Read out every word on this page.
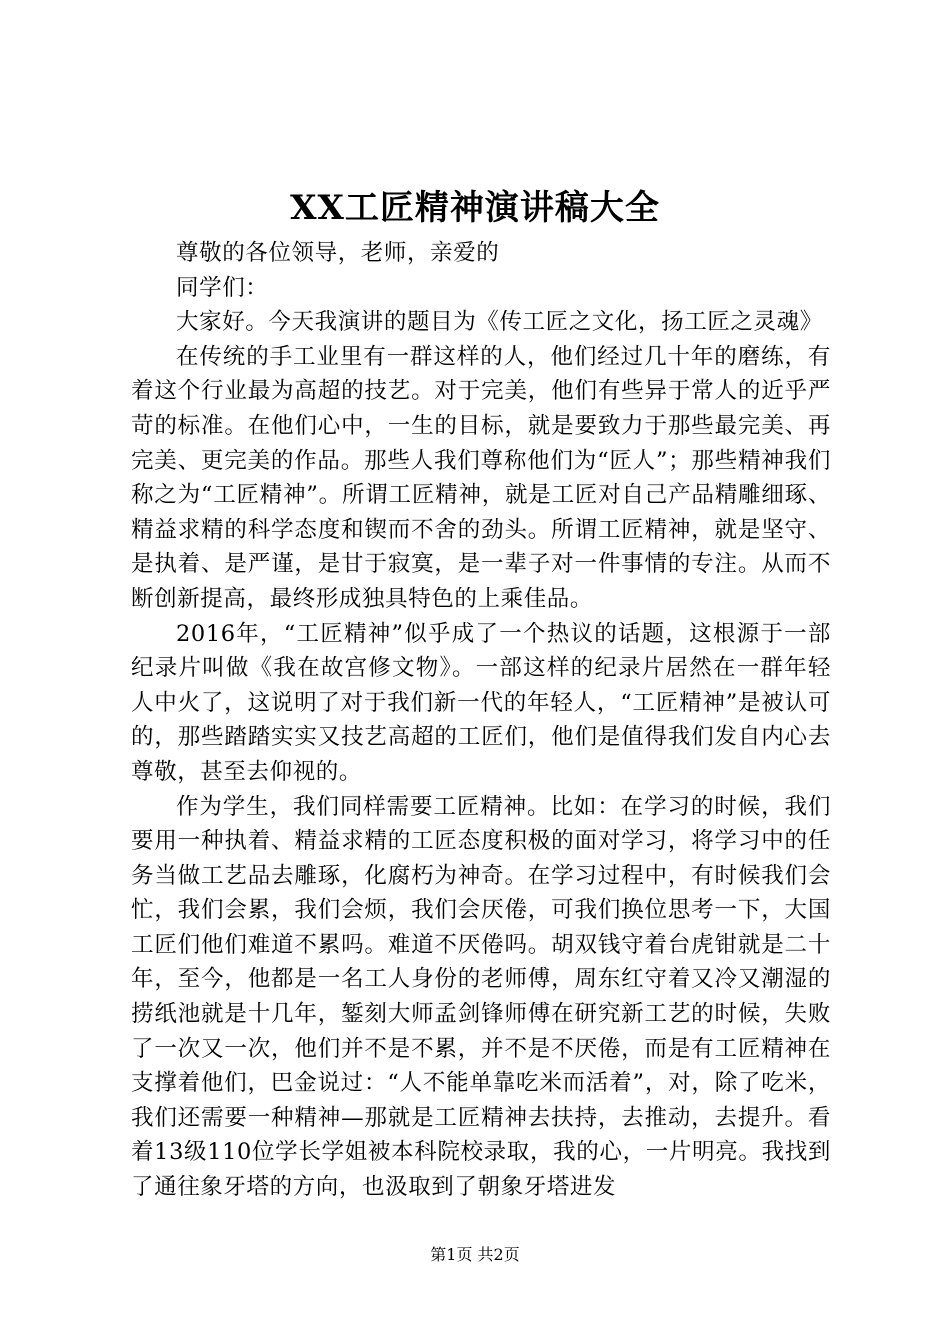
XX工匠精神演讲稿大全

尊敬的各位领导，老师，亲爱的

同学们：

大家好。今天我演讲的题目为《传工匠之文化，扬工匠之灵魂》

在传统的手工业里有一群这样的人，他们经过几十年的磨练，有着这个行业最为高超的技艺。对于完美，他们有些异于常人的近乎严苛的标准。在他们心中，一生的目标，就是要致力于那些最完美、再完美、更完美的作品。那些人我们尊称他们为“匠人”；那些精神我们称之为“工匠精神”。所谓工匠精神，就是工匠对自己产品精雕细琢、精益求精的科学态度和锲而不舍的劲头。所谓工匠精神，就是坚守、是执着、是严谨，是甘于寂寞，是一辈子对一件事情的专注。从而不断创新提高，最终形成独具特色的上乘佳品。

2016年，“工匠精神”似乎成了一个热议的话题，这根源于一部纪录片叫做《我在故宫修文物》。一部这样的纪录片居然在一群年轻人中火了，这说明了对于我们新一代的年轻人，“工匠精神”是被认可的，那些踏踏实实又技艺高超的工匠们，他们是值得我们发自内心去尊敬，甚至去仰视的。

作为学生，我们同样需要工匠精神。比如：在学习的时候，我们要用一种执着、精益求精的工匠态度积极的面对学习，将学习中的任务当做工艺品去雕琢，化腐朽为神奇。在学习过程中，有时候我们会忙，我们会累，我们会烦，我们会厌倦，可我们换位思考一下，大国工匠们他们难道不累吗。难道不厌倦吗。胡双钱守着台虎钳就是二十年，至今，他都是一名工人身份的老师傅，周东红守着又冷又潮湿的捞纸池就是十几年，錾刻大师孟剑锋师傅在研究新工艺的时候，失败了一次又一次，他们并不是不累，并不是不厌倦，而是有工匠精神在支撑着他们，巴金说过：“人不能单靠吃米而活着”，对，除了吃米，我们还需要一种精神—那就是工匠精神去扶持，去推动，去提升。看着13级110位学长学姐被本科院校录取，我的心，一片明亮。我找到了通往象牙塔的方向，也汲取到了朝象牙塔进发

第1页 共2页
